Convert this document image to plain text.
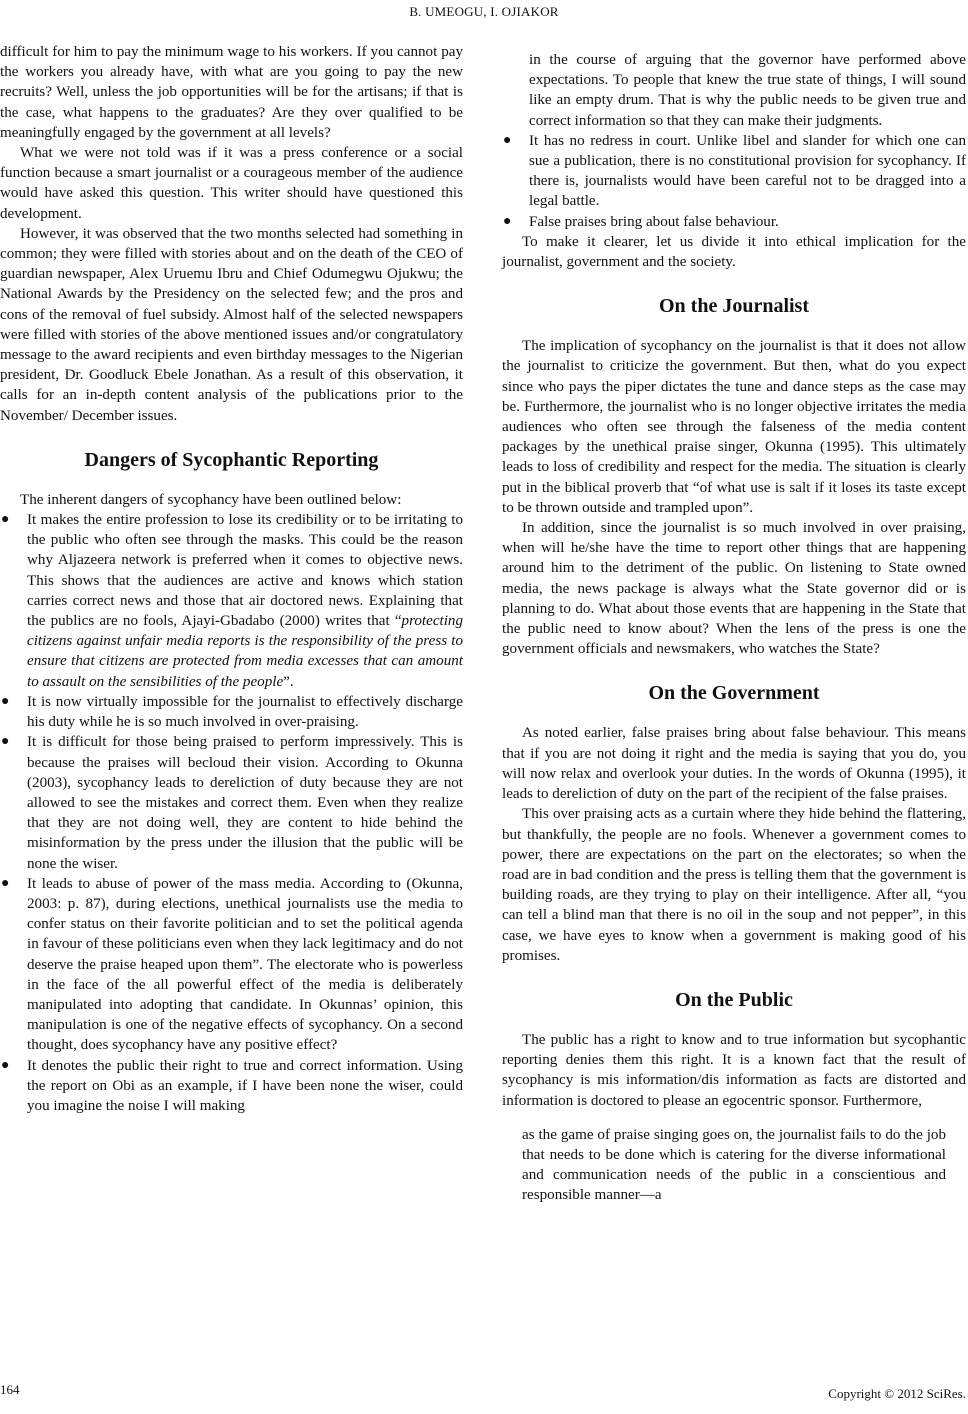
B. UMEOGU, I. OJIAKOR

difficult for him to pay the minimum wage to his workers. If you cannot pay the workers you already have, with what are you going to pay the new recruits? Well, unless the job opportunities will be for the artisans; if that is the case, what happens to the graduates? Are they over qualified to be meaningfully engaged by the government at all levels?

What we were not told was if it was a press conference or a social function because a smart journalist or a courageous member of the audience would have asked this question. This writer should have questioned this development.

However, it was observed that the two months selected had something in common; they were filled with stories about and on the death of the CEO of guardian newspaper, Alex Uruemu Ibru and Chief Odumegwu Ojukwu; the National Awards by the Presidency on the selected few; and the pros and cons of the removal of fuel subsidy. Almost half of the selected newspapers were filled with stories of the above mentioned issues and/or congratulatory message to the award recipients and even birthday messages to the Nigerian president, Dr. Goodluck Ebele Jonathan. As a result of this observation, it calls for an in-depth content analysis of the publications prior to the November/ December issues.

Dangers of Sycophantic Reporting

The inherent dangers of sycophancy have been outlined below:

● It makes the entire profession to lose its credibility or to be irritating to the public who often see through the masks. This could be the reason why Aljazeera network is preferred when it comes to objective news. This shows that the audiences are active and knows which station carries correct news and those that air doctored news. Explaining that the publics are no fools, Ajayi-Gbadabo (2000) writes that “protecting citizens against unfair media reports is the responsibility of the press to ensure that citizens are protected from media excesses that can amount to assault on the sensibilities of the people”.
● It is now virtually impossible for the journalist to effectively discharge his duty while he is so much involved in over-praising.
● It is difficult for those being praised to perform impressively. This is because the praises will becloud their vision. According to Okunna (2003), sycophancy leads to dereliction of duty because they are not allowed to see the mistakes and correct them. Even when they realize that they are not doing well, they are content to hide behind the misinformation by the press under the illusion that the public will be none the wiser.
● It leads to abuse of power of the mass media. According to (Okunna, 2003: p. 87), during elections, unethical journalists use the media to confer status on their favorite politician and to set the political agenda in favour of these politicians even when they lack legitimacy and do not deserve the praise heaped upon them”. The electorate who is powerless in the face of the all powerful effect of the media is deliberately manipulated into adopting that candidate. In Okunnas’ opinion, this manipulation is one of the negative effects of sycophancy. On a second thought, does sycophancy have any positive effect?
● It denotes the public their right to true and correct information. Using the report on Obi as an example, if I have been none the wiser, could you imagine the noise I will making
in the course of arguing that the governor have performed above expectations. To people that knew the true state of things, I will sound like an empty drum. That is why the public needs to be given true and correct information so that they can make their judgments.
● It has no redress in court. Unlike libel and slander for which one can sue a publication, there is no constitutional provision for sycophancy. If there is, journalists would have been careful not to be dragged into a legal battle.
● False praises bring about false behaviour.

To make it clearer, let us divide it into ethical implication for the journalist, government and the society.

On the Journalist

The implication of sycophancy on the journalist is that it does not allow the journalist to criticize the government. But then, what do you expect since who pays the piper dictates the tune and dance steps as the case may be. Furthermore, the journalist who is no longer objective irritates the media audiences who often see through the falseness of the media content packages by the unethical praise singer, Okunna (1995). This ultimately leads to loss of credibility and respect for the media. The situation is clearly put in the biblical proverb that “of what use is salt if it loses its taste except to be thrown outside and trampled upon”.

In addition, since the journalist is so much involved in over praising, when will he/she have the time to report other things that are happening around him to the detriment of the public. On listening to State owned media, the news package is always what the State governor did or is planning to do. What about those events that are happening in the State that the public need to know about? When the lens of the press is one the government officials and newsmakers, who watches the State?

On the Government

As noted earlier, false praises bring about false behaviour. This means that if you are not doing it right and the media is saying that you do, you will now relax and overlook your duties. In the words of Okunna (1995), it leads to dereliction of duty on the part of the recipient of the false praises.

This over praising acts as a curtain where they hide behind the flattering, but thankfully, the people are no fools. Whenever a government comes to power, there are expectations on the part on the electorates; so when the road are in bad condition and the press is telling them that the government is building roads, are they trying to play on their intelligence. After all, “you can tell a blind man that there is no oil in the soup and not pepper”, in this case, we have eyes to know when a government is making good of his promises.

On the Public

The public has a right to know and to true information but sycophantic reporting denies them this right. It is a known fact that the result of sycophancy is mis information/dis information as facts are distorted and information is doctored to please an egocentric sponsor. Furthermore,

as the game of praise singing goes on, the journalist fails to do the job that needs to be done which is catering for the diverse informational and communication needs of the public in a conscientious and responsible manner—a

164	Copyright © 2012 SciRes.
